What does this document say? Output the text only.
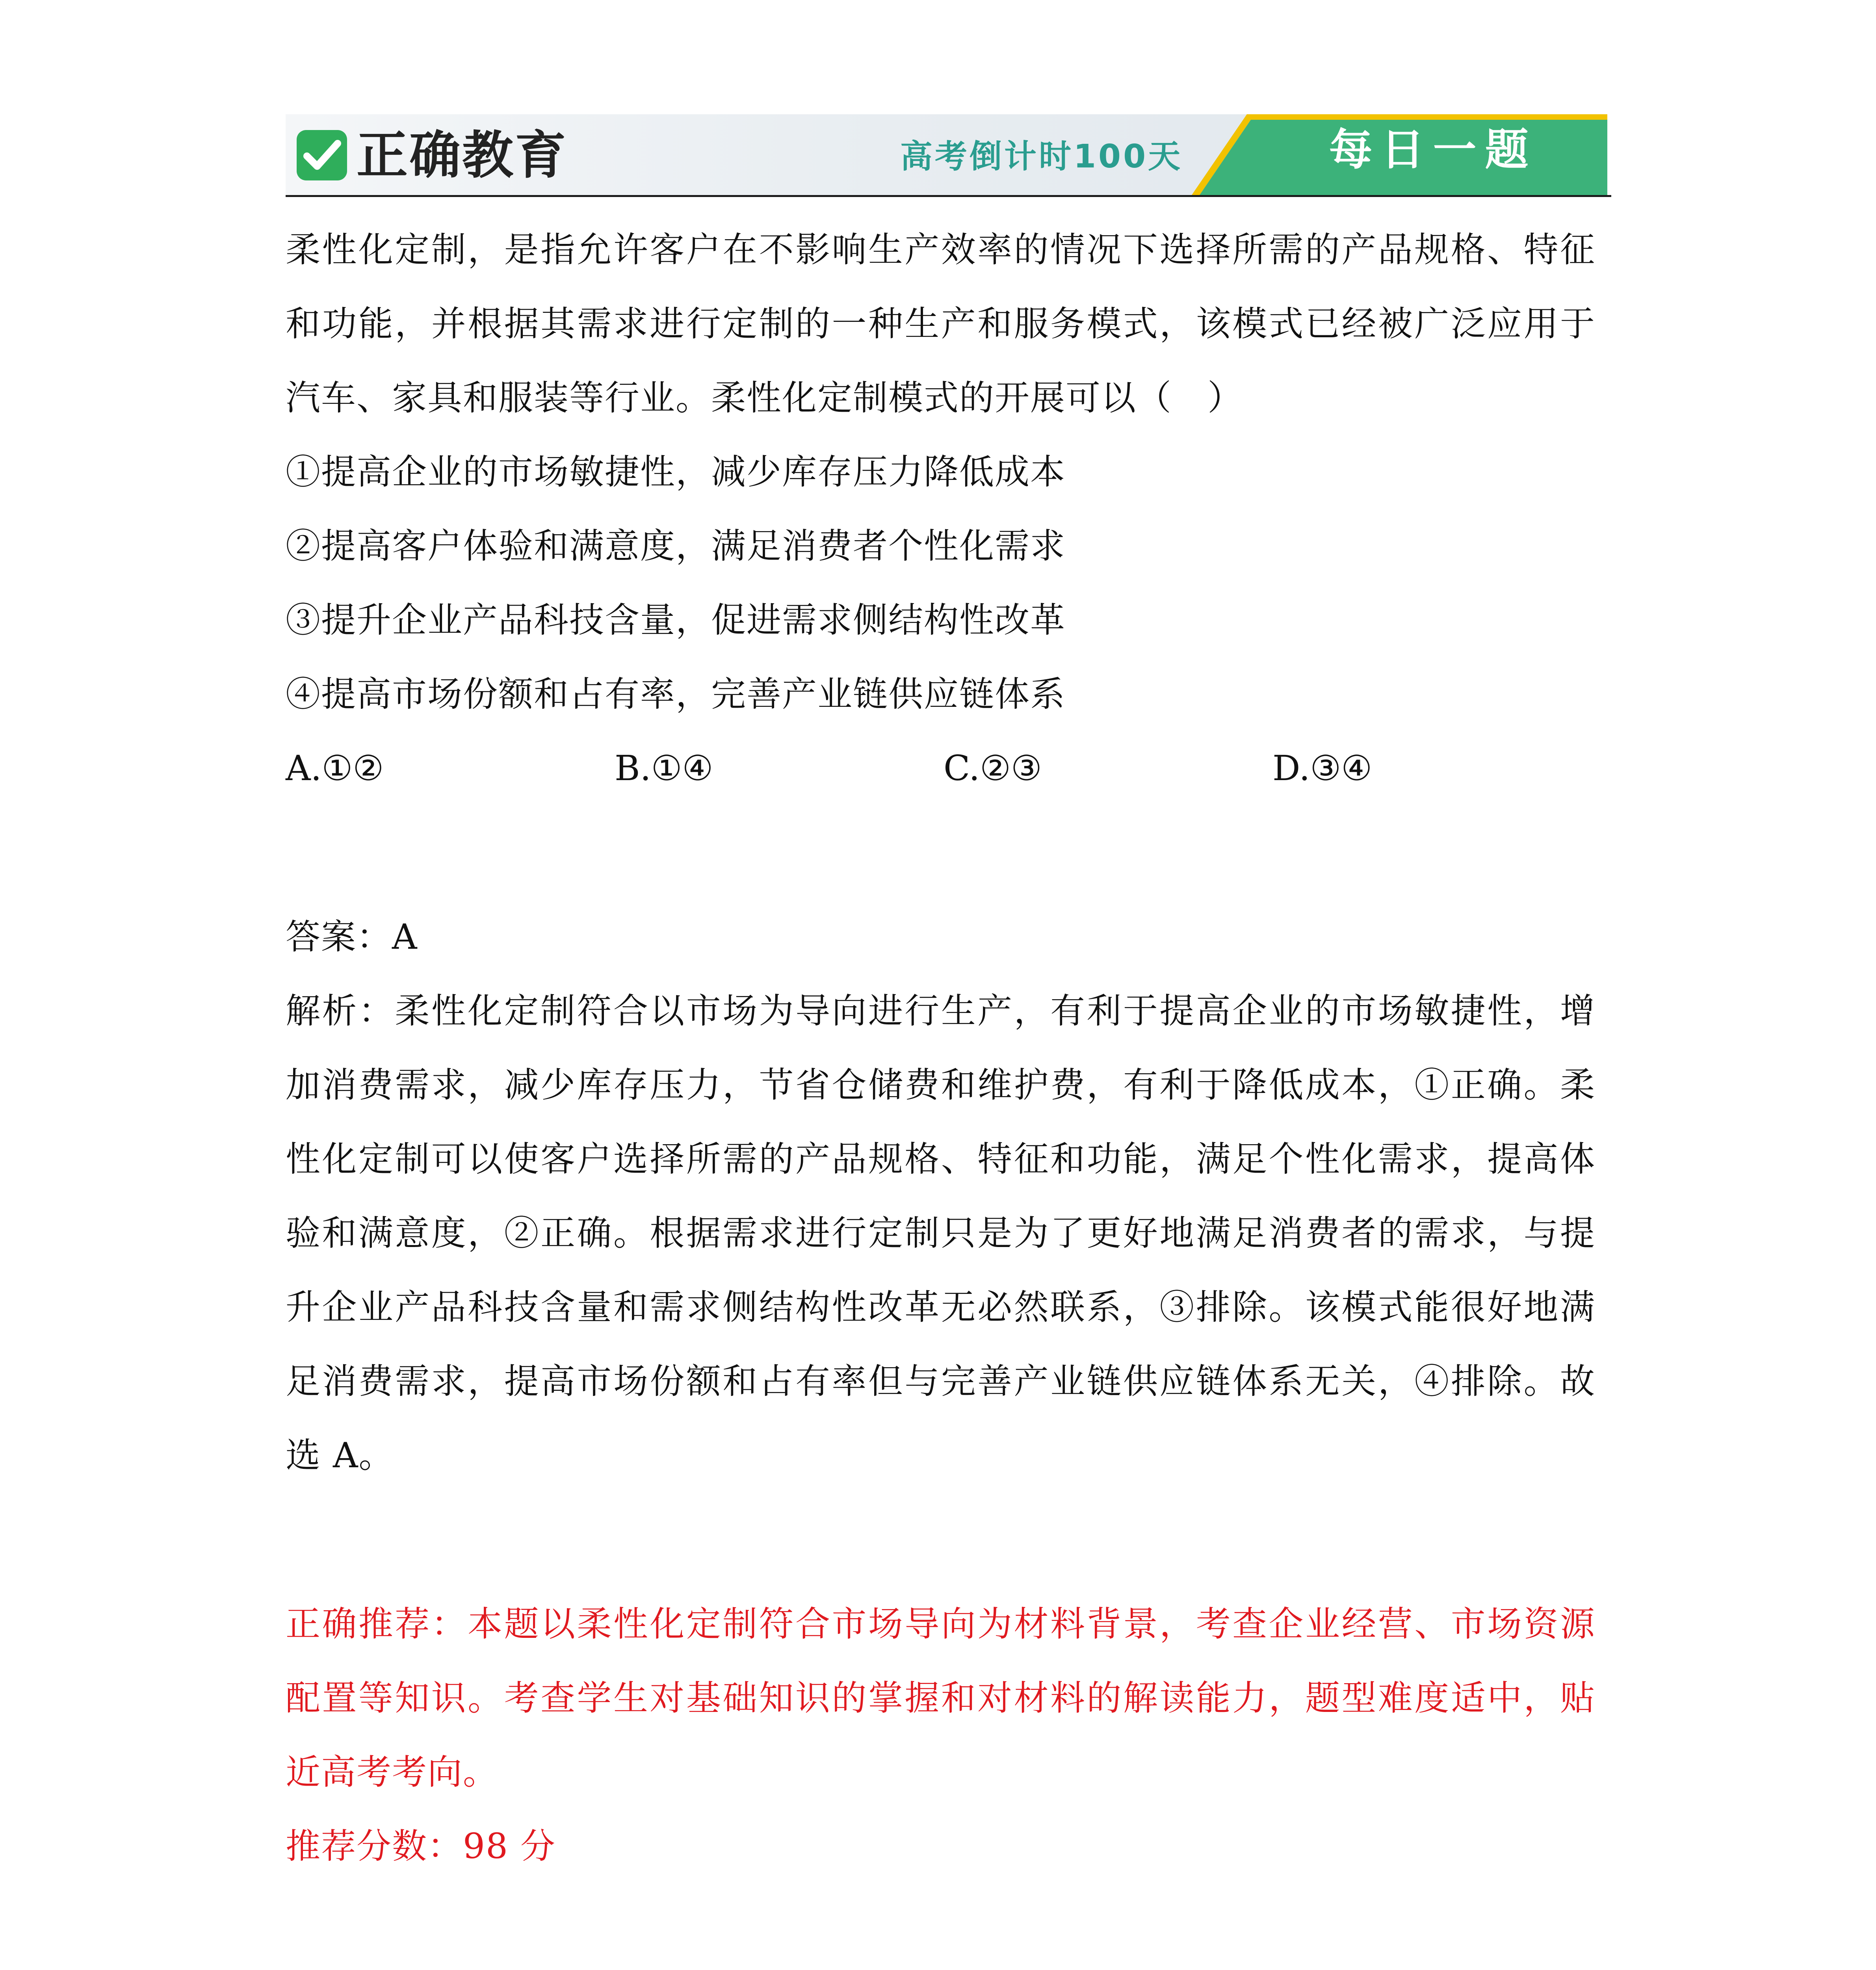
正确教育	高考倒计时100天	每日一题

柔性化定制，是指允许客户在不影响生产效率的情况下选择所需的产品规格、特征和功能，并根据其需求进行定制的一种生产和服务模式，该模式已经被广泛应用于汽车、家具和服装等行业。柔性化定制模式的开展可以（　）

①提高企业的市场敏捷性，减少库存压力降低成本

②提高客户体验和满意度，满足消费者个性化需求

③提升企业产品科技含量，促进需求侧结构性改革

④提高市场份额和占有率，完善产业链供应链体系

A.①②	B.①④	C.②③	D.③④

答案：A

解析：柔性化定制符合以市场为导向进行生产，有利于提高企业的市场敏捷性，增加消费需求，减少库存压力，节省仓储费和维护费，有利于降低成本，①正确。柔性化定制可以使客户选择所需的产品规格、特征和功能，满足个性化需求，提高体验和满意度，②正确。根据需求进行定制只是为了更好地满足消费者的需求，与提升企业产品科技含量和需求侧结构性改革无必然联系，③排除。该模式能很好地满足消费需求，提高市场份额和占有率但与完善产业链供应链体系无关，④排除。故选 A。

正确推荐：本题以柔性化定制符合市场导向为材料背景，考查企业经营、市场资源配置等知识。考查学生对基础知识的掌握和对材料的解读能力，题型难度适中，贴近高考考向。

推荐分数：98 分
